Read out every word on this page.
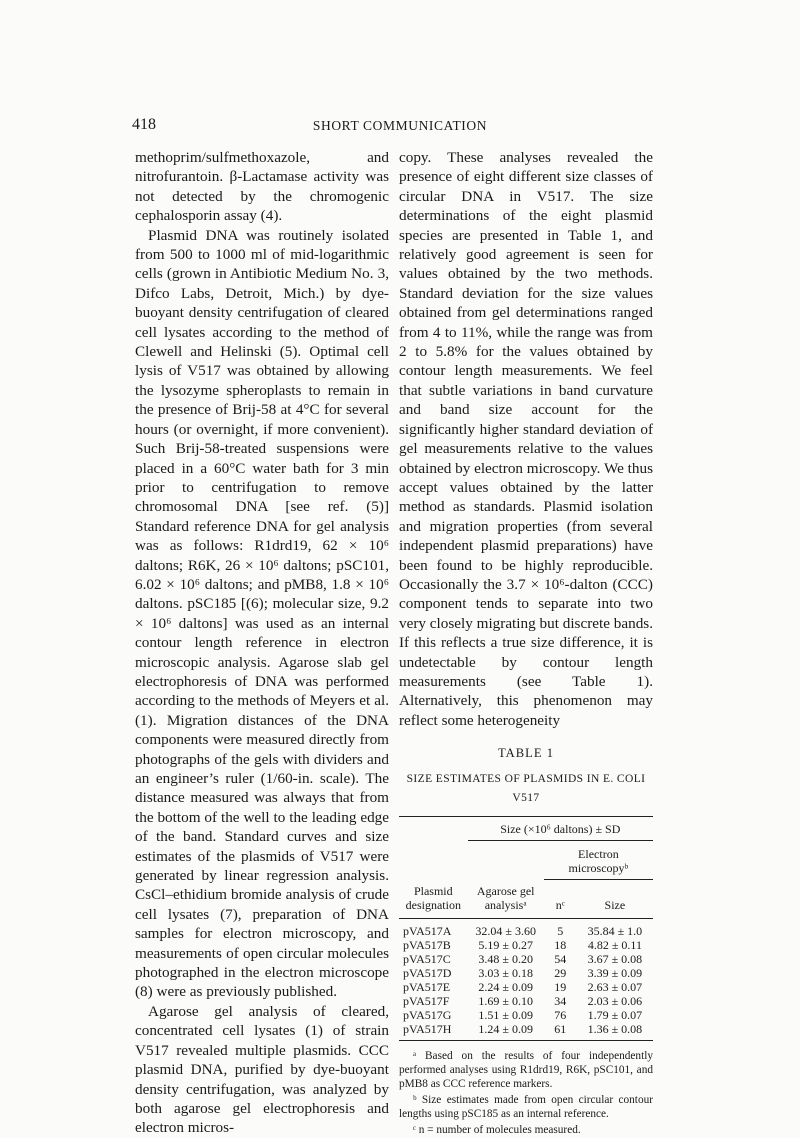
418	SHORT COMMUNICATION

methoprim/sulfmethoxazole, and nitrofurantoin. β-Lactamase activity was not detected by the chromogenic cephalosporin assay (4).

Plasmid DNA was routinely isolated from 500 to 1000 ml of mid-logarithmic cells (grown in Antibiotic Medium No. 3, Difco Labs, Detroit, Mich.) by dye-buoyant density centrifugation of cleared cell lysates according to the method of Clewell and Helinski (5). Optimal cell lysis of V517 was obtained by allowing the lysozyme spheroplasts to remain in the presence of Brij-58 at 4°C for several hours (or overnight, if more convenient). Such Brij-58-treated suspensions were placed in a 60°C water bath for 3 min prior to centrifugation to remove chromosomal DNA [see ref. (5)] Standard reference DNA for gel analysis was as follows: R1drd19, 62 × 10⁶ daltons; R6K, 26 × 10⁶ daltons; pSC101, 6.02 × 10⁶ daltons; and pMB8, 1.8 × 10⁶ daltons. pSC185 [(6); molecular size, 9.2 × 10⁶ daltons] was used as an internal contour length reference in electron microscopic analysis. Agarose slab gel electrophoresis of DNA was performed according to the methods of Meyers et al. (1). Migration distances of the DNA components were measured directly from photographs of the gels with dividers and an engineer’s ruler (1/60-in. scale). The distance measured was always that from the bottom of the well to the leading edge of the band. Standard curves and size estimates of the plasmids of V517 were generated by linear regression analysis. CsCl–ethidium bromide analysis of crude cell lysates (7), preparation of DNA samples for electron microscopy, and measurements of open circular molecules photographed in the electron microscope (8) were as previously published.

Agarose gel analysis of cleared, concentrated cell lysates (1) of strain V517 revealed multiple plasmids. CCC plasmid DNA, purified by dye-buoyant density centrifugation, was analyzed by both agarose gel electrophoresis and electron micros-

copy. These analyses revealed the presence of eight different size classes of circular DNA in V517. The size determinations of the eight plasmid species are presented in Table 1, and relatively good agreement is seen for values obtained by the two methods. Standard deviation for the size values obtained from gel determinations ranged from 4 to 11%, while the range was from 2 to 5.8% for the values obtained by contour length measurements. We feel that subtle variations in band curvature and band size account for the significantly higher standard deviation of gel measurements relative to the values obtained by electron microscopy. We thus accept values obtained by the latter method as standards. Plasmid isolation and migration properties (from several independent plasmid preparations) have been found to be highly reproducible. Occasionally the 3.7 × 10⁶-dalton (CCC) component tends to separate into two very closely migrating but discrete bands. If this reflects a true size difference, it is undetectable by contour length measurements (see Table 1). Alternatively, this phenomenon may reflect some heterogeneity

TABLE 1
SIZE ESTIMATES OF PLASMIDS IN E. COLI V517
	Size (×10⁶ daltons) ± SD		
		Electron microscopyᵇ	
Plasmid designation	Agarose gel analysisᵃ	nᶜ	Size
pVA517A	32.04 ± 3.60	5	35.84 ± 1.0
pVA517B	5.19 ± 0.27	18	4.82 ± 0.11
pVA517C	3.48 ± 0.20	54	3.67 ± 0.08
pVA517D	3.03 ± 0.18	29	3.39 ± 0.09
pVA517E	2.24 ± 0.09	19	2.63 ± 0.07
pVA517F	1.69 ± 0.10	34	2.03 ± 0.06
pVA517G	1.51 ± 0.09	76	1.79 ± 0.07
pVA517H	1.24 ± 0.09	61	1.36 ± 0.08
ᵃ Based on the results of four independently performed analyses using R1drd19, R6K, pSC101, and pMB8 as CCC reference markers.
ᵇ Size estimates made from open circular contour lengths using pSC185 as an internal reference.
ᶜ n = number of molecules measured.
